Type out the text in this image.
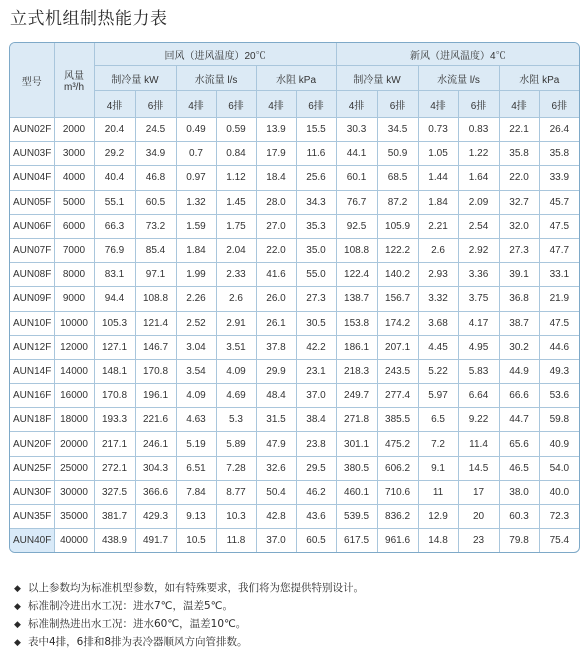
立式机组制热能力表
型号	风量
m³/h	回风（进风温度）20℃						新风（进风温度）4℃					
		制冷量 kW		水流量 l/s		水阻 kPa		制冷量 kW		水流量 l/s		水阻 kPa	
		4排	6排	4排	6排	4排	6排	4排	6排	4排	6排	4排	6排
AUN02F	2000	20.4	24.5	0.49	0.59	13.9	15.5	30.3	34.5	0.73	0.83	22.1	26.4
AUN03F	3000	29.2	34.9	0.7	0.84	17.9	11.6	44.1	50.9	1.05	1.22	35.8	35.8
AUN04F	4000	40.4	46.8	0.97	1.12	18.4	25.6	60.1	68.5	1.44	1.64	22.0	33.9
AUN05F	5000	55.1	60.5	1.32	1.45	28.0	34.3	76.7	87.2	1.84	2.09	32.7	45.7
AUN06F	6000	66.3	73.2	1.59	1.75	27.0	35.3	92.5	105.9	2.21	2.54	32.0	47.5
AUN07F	7000	76.9	85.4	1.84	2.04	22.0	35.0	108.8	122.2	2.6	2.92	27.3	47.7
AUN08F	8000	83.1	97.1	1.99	2.33	41.6	55.0	122.4	140.2	2.93	3.36	39.1	33.1
AUN09F	9000	94.4	108.8	2.26	2.6	26.0	27.3	138.7	156.7	3.32	3.75	36.8	21.9
AUN10F	10000	105.3	121.4	2.52	2.91	26.1	30.5	153.8	174.2	3.68	4.17	38.7	47.5
AUN12F	12000	127.1	146.7	3.04	3.51	37.8	42.2	186.1	207.1	4.45	4.95	30.2	44.6
AUN14F	14000	148.1	170.8	3.54	4.09	29.9	23.1	218.3	243.5	5.22	5.83	44.9	49.3
AUN16F	16000	170.8	196.1	4.09	4.69	48.4	37.0	249.7	277.4	5.97	6.64	66.6	53.6
AUN18F	18000	193.3	221.6	4.63	5.3	31.5	38.4	271.8	385.5	6.5	9.22	44.7	59.8
AUN20F	20000	217.1	246.1	5.19	5.89	47.9	23.8	301.1	475.2	7.2	11.4	65.6	40.9
AUN25F	25000	272.1	304.3	6.51	7.28	32.6	29.5	380.5	606.2	9.1	14.5	46.5	54.0
AUN30F	30000	327.5	366.6	7.84	8.77	50.4	46.2	460.1	710.6	11	17	38.0	40.0
AUN35F	35000	381.7	429.3	9.13	10.3	42.8	43.6	539.5	836.2	12.9	20	60.3	72.3
AUN40F	40000	438.9	491.7	10.5	11.8	37.0	60.5	617.5	961.6	14.8	23	79.8	75.4
◆ 以上参数均为标准机型参数，如有特殊要求，我们将为您提供特别设计。
◆ 标准制冷进出水工况：进水7℃，温差5℃。
◆ 标准制热进出水工况：进水60℃，温差10℃。
◆ 表中4排，6排和8排为表冷器顺风方向管排数。
